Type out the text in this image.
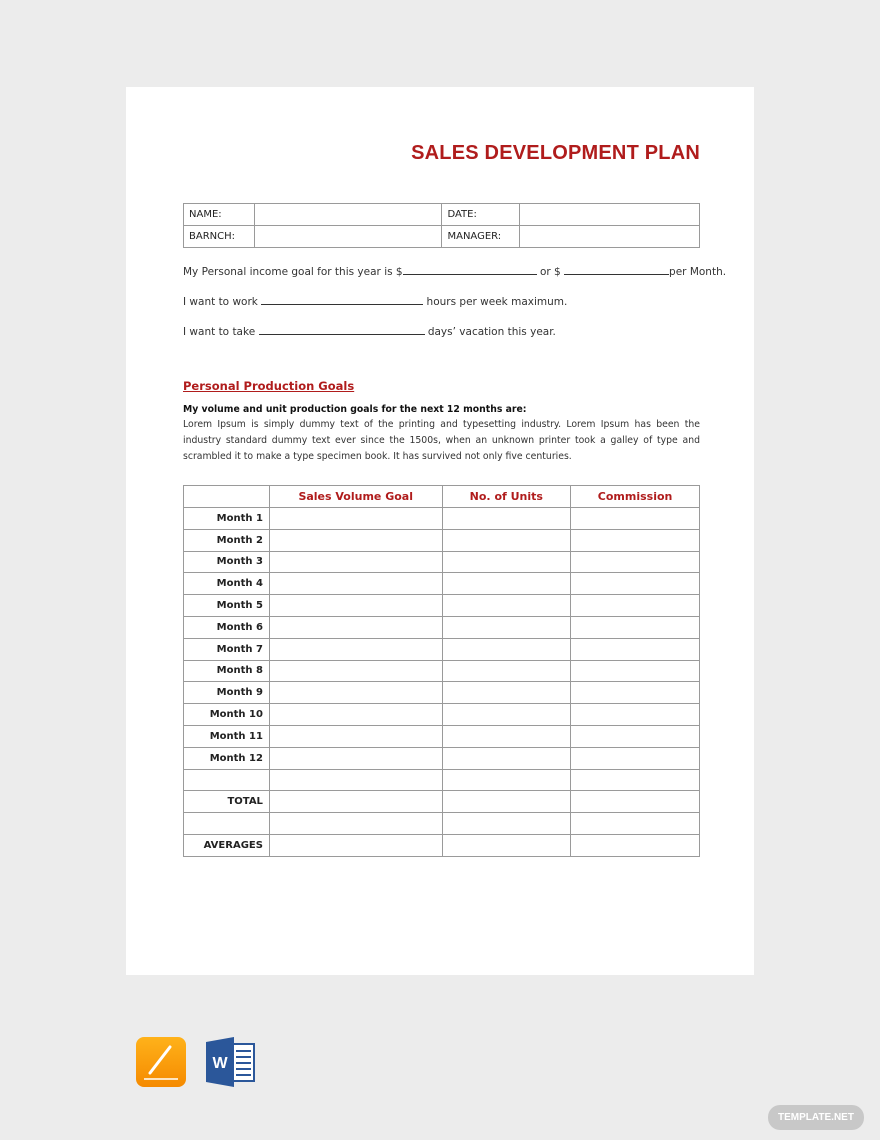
SALES DEVELOPMENT PLAN
NAME:		DATE:	
BARNCH:		MANAGER:	
My Personal income goal for this year is $	or $	per Month.
I want to work	hours per week maximum.
I want to take	days’ vacation this year.
Personal Production Goals
My volume and unit production goals for the next 12 months are:
Lorem Ipsum is simply dummy text of the printing and typesetting industry. Lorem Ipsum has been the industry standard dummy text ever since the 1500s, when an unknown printer took a galley of type and scrambled it to make a type specimen book. It has survived not only five centuries.
	Sales Volume Goal	No. of Units	Commission
Month 1			
Month 2			
Month 3			
Month 4			
Month 5			
Month 6			
Month 7			
Month 8			
Month 9			
Month 10			
Month 11			
Month 12			

TOTAL			

AVERAGES			
W
TEMPLATE.NET
